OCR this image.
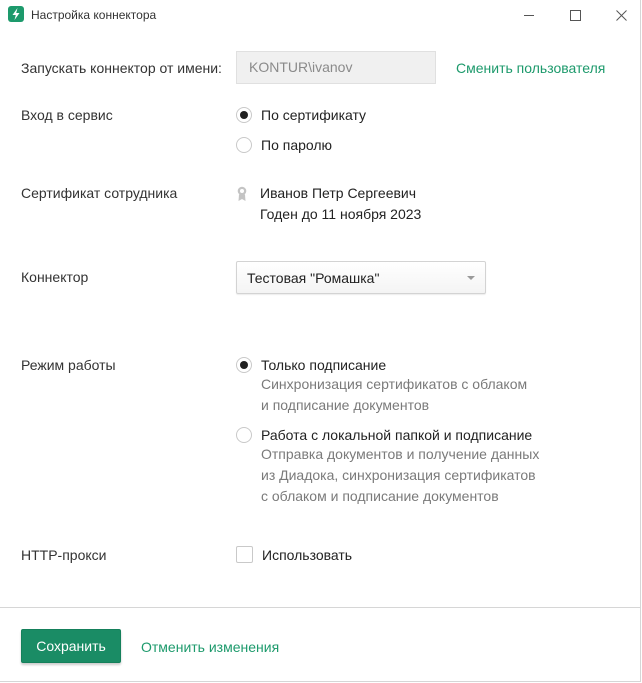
Настройка коннектора
Запускать коннектор от имени:	KONTUR\ivanov	Сменить пользователя
Вход в сервис	По сертификату
По паролю
Сертификат сотрудника	Иванов Петр Сергеевич
Годен до 11 ноября 2023
Коннектор	Тестовая "Ромашка"
Режим работы	Только подписание
Синхронизация сертификатов с облаком
и подписание документов
Работа с локальной папкой и подписание
Отправка документов и получение данных
из Диадока, синхронизация сертификатов
с облаком и подписание документов
HTTP-прокси	Использовать
Сохранить	Отменить изменения
